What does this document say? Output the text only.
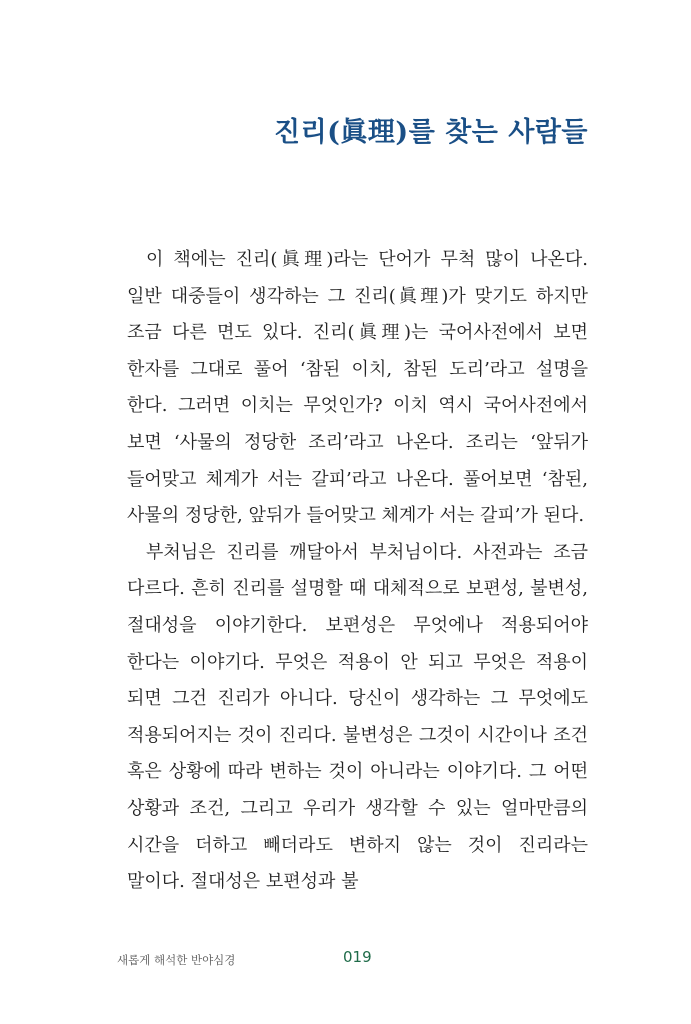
진리(眞理)를 찾는 사람들

이 책에는 진리(眞理)라는 단어가 무척 많이 나온다. 일반 대중들이 생각하는 그 진리(眞理)가 맞기도 하지만 조금 다른 면도 있다. 진리(眞理)는 국어사전에서 보면 한자를 그대로 풀어 ‘참된 이치, 참된 도리’라고 설명을 한다. 그러면 이치는 무엇인가? 이치 역시 국어사전에서 보면 ‘사물의 정당한 조리’라고 나온다. 조리는 ‘앞뒤가 들어맞고 체계가 서는 갈피’라고 나온다. 풀어보면 ‘참된, 사물의 정당한, 앞뒤가 들어맞고 체계가 서는 갈피’가 된다.

부처님은 진리를 깨달아서 부처님이다. 사전과는 조금 다르다. 흔히 진리를 설명할 때 대체적으로 보편성, 불변성, 절대성을 이야기한다. 보편성은 무엇에나 적용되어야 한다는 이야기다. 무엇은 적용이 안 되고 무엇은 적용이 되면 그건 진리가 아니다. 당신이 생각하는 그 무엇에도 적용되어지는 것이 진리다. 불변성은 그것이 시간이나 조건 혹은 상황에 따라 변하는 것이 아니라는 이야기다. 그 어떤 상황과 조건, 그리고 우리가 생각할 수 있는 얼마만큼의 시간을 더하고 빼더라도 변하지 않는 것이 진리라는 말이다. 절대성은 보편성과 불

새롭게 해석한 반야심경	019
